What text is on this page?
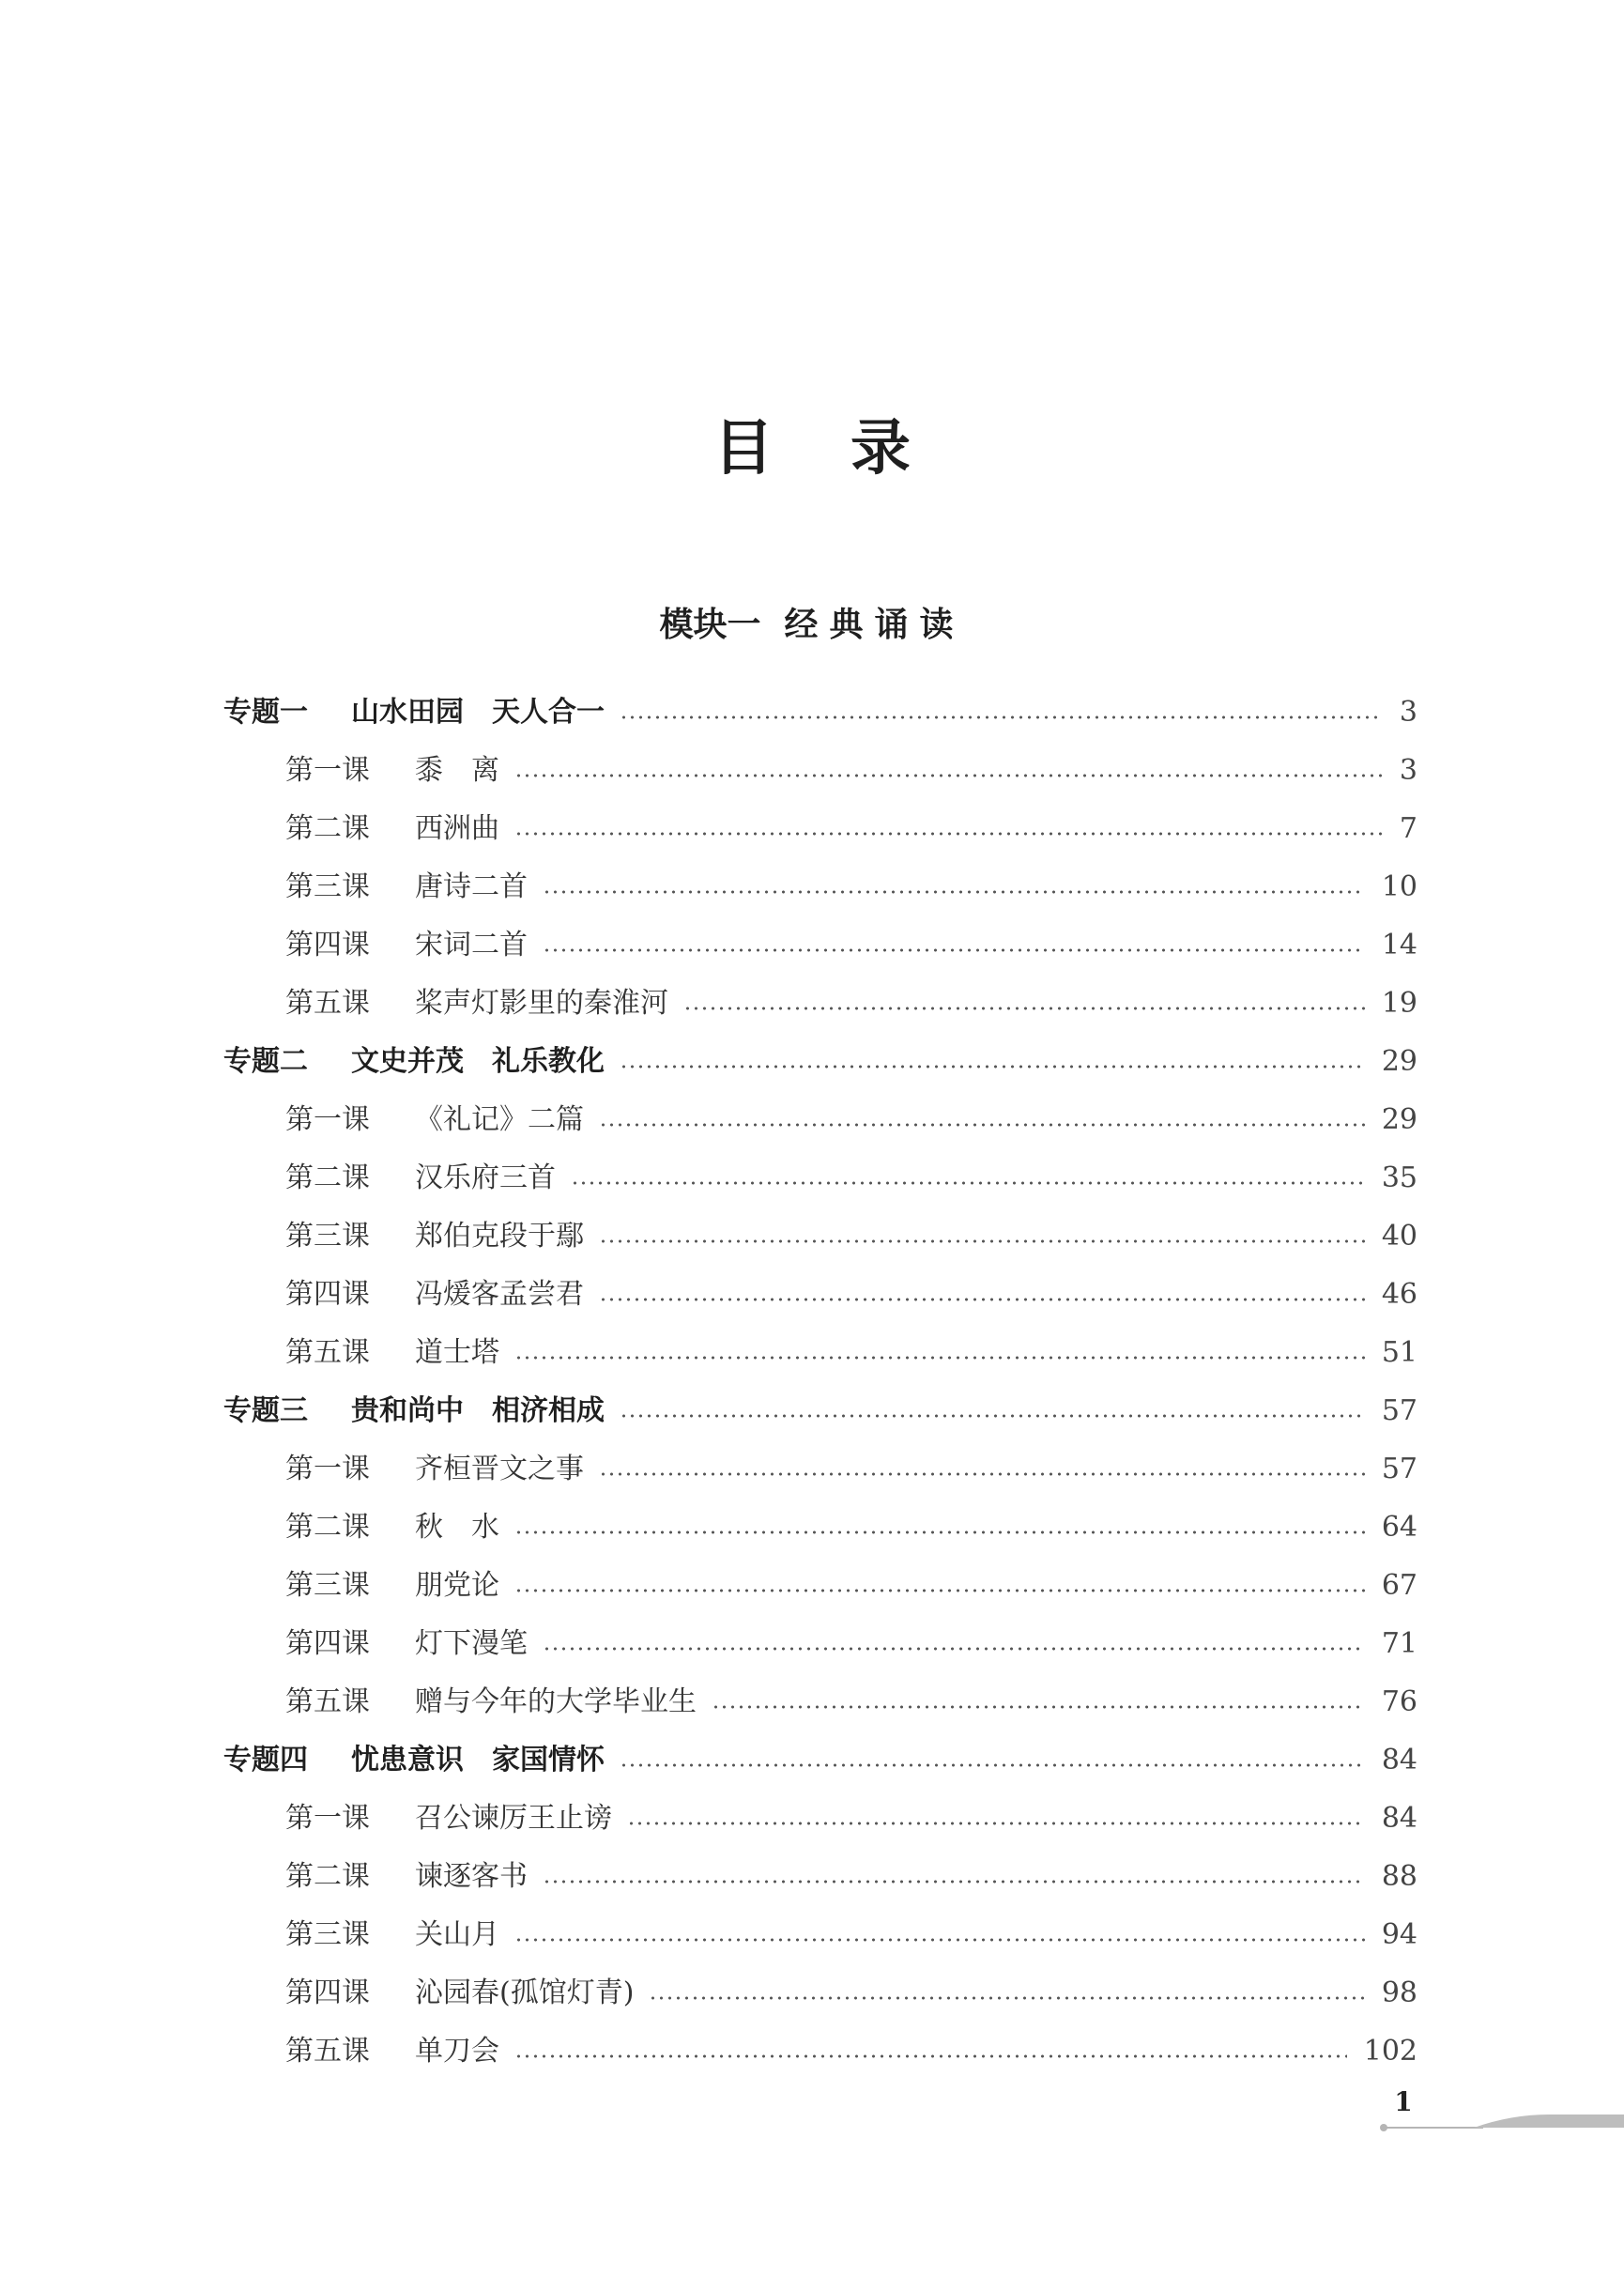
目录
模块一 经典诵读
专题一	山水田园　天人合一	3
第一课	黍　离	3
第二课	西洲曲	7
第三课	唐诗二首	10
第四课	宋词二首	14
第五课	桨声灯影里的秦淮河	19
专题二	文史并茂　礼乐教化	29
第一课	《礼记》二篇	29
第二课	汉乐府三首	35
第三课	郑伯克段于鄢	40
第四课	冯煖客孟尝君	46
第五课	道士塔	51
专题三	贵和尚中　相济相成	57
第一课	齐桓晋文之事	57
第二课	秋　水	64
第三课	朋党论	67
第四课	灯下漫笔	71
第五课	赠与今年的大学毕业生	76
专题四	忧患意识　家国情怀	84
第一课	召公谏厉王止谤	84
第二课	谏逐客书	88
第三课	关山月	94
第四课	沁园春(孤馆灯青)	98
第五课	单刀会	102
1
